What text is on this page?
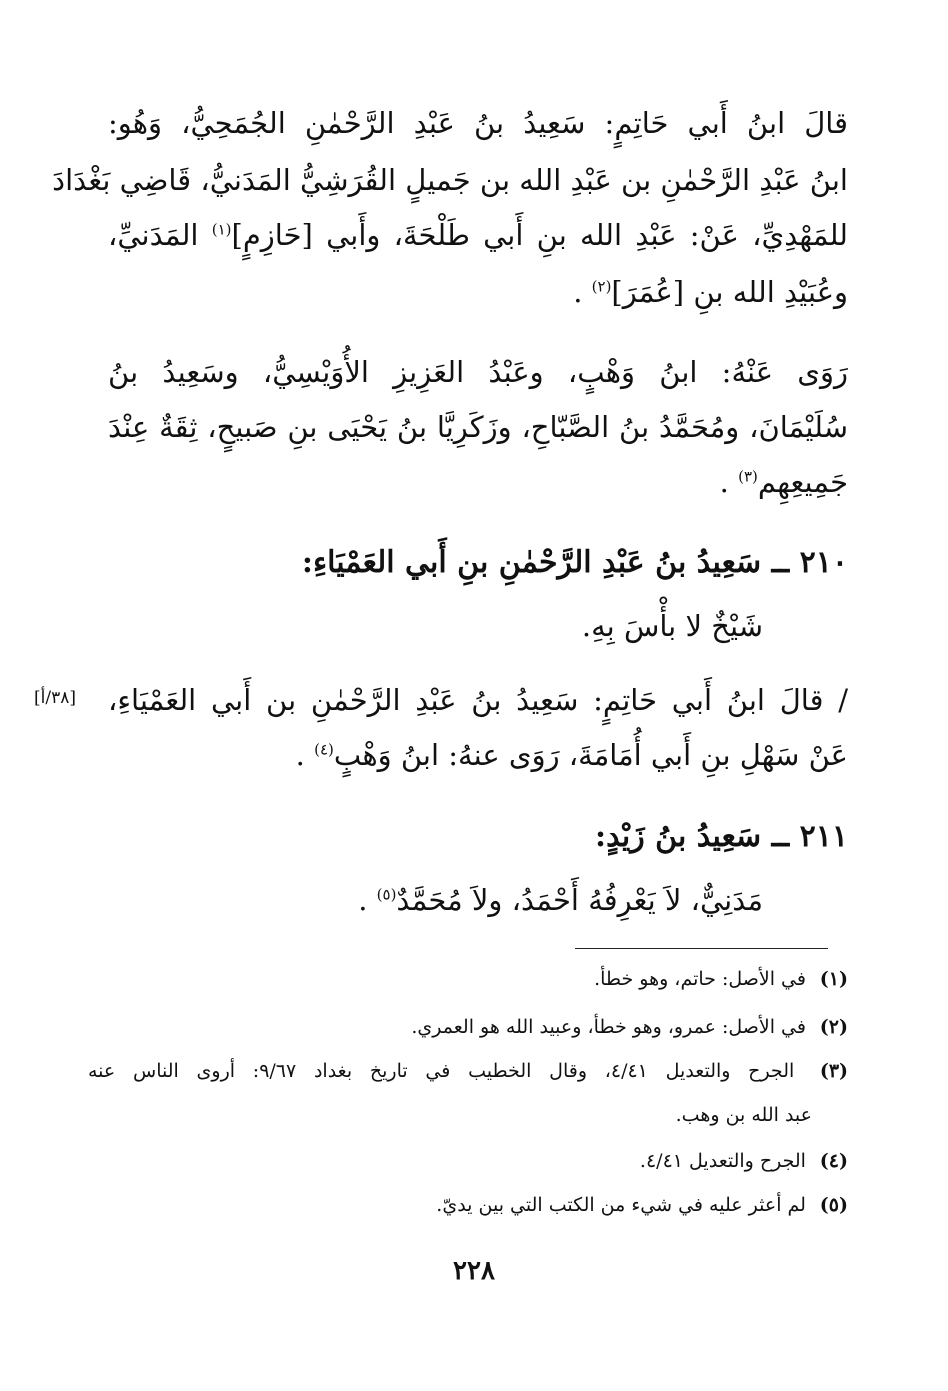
قالَ ابنُ أَبي حَاتِمٍ: سَعِيدُ بنُ عَبْدِ الرَّحْمٰنِ الجُمَحِيُّ، وَهُو:
ابنُ عَبْدِ الرَّحْمٰنِ بن عَبْدِ الله بن جَميلٍ القُرَشِيُّ المَدَنيُّ، قَاضِي بَغْدَادَ
للمَهْدِيِّ، عَنْ: عَبْدِ الله بنِ أَبي طَلْحَةَ، وأَبي [حَازِمٍ]$^{(١)}$ المَدَنيِّ،
وعُبَيْدِ الله بنِ [عُمَرَ]$^{(٢)}$ .
رَوَى عَنْهُ: ابنُ وَهْبٍ، وعَبْدُ العَزِيزِ الأُوَيْسِيُّ، وسَعِيدُ بنُ
سُلَيْمَانَ، ومُحَمَّدُ بنُ الصَّبّاحِ، وزَكَرِيَّا بنُ يَحْيَى بنِ صَبيحٍ، ثِقَةٌ عِنْدَ
جَمِيعِهِم$^{(٣)}$ .
٢١٠ ــ سَعِيدُ بنُ عَبْدِ الرَّحْمٰنِ بنِ أَبي العَمْيَاءِ:
شَيْخٌ لا بأْسَ بِهِ.
[٣٨/أ] / قالَ ابنُ أَبي حَاتِمٍ: سَعِيدُ بنُ عَبْدِ الرَّحْمٰنِ بن أَبي العَمْيَاءِ،
عَنْ سَهْلِ بنِ أَبي أُمَامَةَ، رَوَى عنهُ: ابنُ وَهْبٍ$^{(٤)}$ .
٢١١ ــ سَعِيدُ بنُ زَيْدٍ:
مَدَنِيٌّ، لاَ يَعْرِفُهُ أَحْمَدُ، ولاَ مُحَمَّدٌ$^{(٥)}$ .
(١) في الأصل: حاتم، وهو خطأ.
(٢) في الأصل: عمرو، وهو خطأ، وعبيد الله هو العمري.
(٣) الجرح والتعديل ٤/٤١، وقال الخطيب في تاريخ بغداد ٩/٦٧: أروى الناس عنه
عبد الله بن وهب.
(٤) الجرح والتعديل ٤/٤١.
(٥) لم أعثر عليه في شيء من الكتب التي بين يديّ.
٢٢٨
